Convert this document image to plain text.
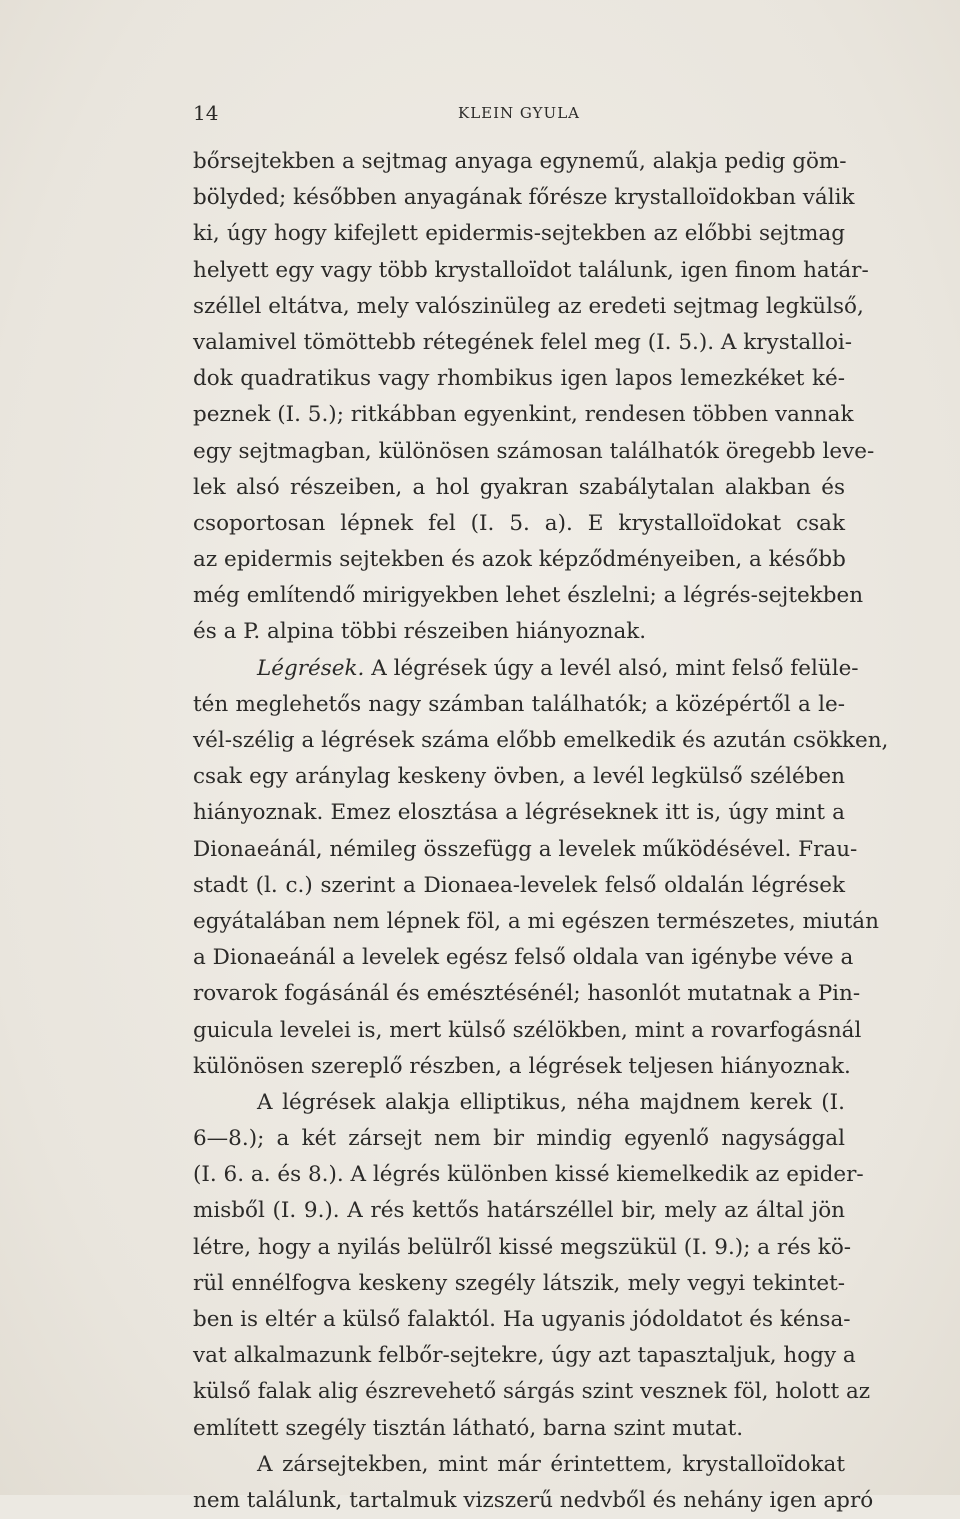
14	KLEIN GYULA
bőrsejtekben a sejtmag anyaga egynemű, alakja pedig göm-
bölyded; későbben anyagának főrésze krystalloïdokban válik
ki, úgy hogy kifejlett epidermis-sejtekben az előbbi sejtmag
helyett egy vagy több krystalloïdot találunk, igen finom határ-
széllel eltátva, mely valószinüleg az eredeti sejtmag legkülső,
valamivel tömöttebb rétegének felel meg (I. 5.). A krystalloi-
dok quadratikus vagy rhombikus igen lapos lemezkéket ké-
peznek (I. 5.); ritkábban egyenkint, rendesen többen vannak
egy sejtmagban, különösen számosan találhatók öregebb leve-
lek alsó részeiben, a hol gyakran szabálytalan alakban és
csoportosan lépnek fel (I. 5. a). E krystalloïdokat csak
az epidermis sejtekben és azok képződményeiben, a később
még említendő mirigyekben lehet észlelni; a légrés-sejtekben
és a P. alpina többi részeiben hiányoznak.
Légrések. A légrések úgy a levél alsó, mint felső felüle-
tén meglehetős nagy számban találhatók; a középértől a le-
vél-szélig a légrések száma előbb emelkedik és azután csökken,
csak egy aránylag keskeny övben, a levél legkülső szélében
hiányoznak. Emez elosztása a légréseknek itt is, úgy mint a
Dionaeánál, némileg összefügg a levelek működésével. Frau-
stadt (l. c.) szerint a Dionaea-levelek felső oldalán légrések
egyátalában nem lépnek föl, a mi egészen természetes, miután
a Dionaeánál a levelek egész felső oldala van igénybe véve a
rovarok fogásánál és emésztésénél; hasonlót mutatnak a Pin-
guicula levelei is, mert külső szélökben, mint a rovarfogásnál
különösen szereplő részben, a légrések teljesen hiányoznak.
A légrések alakja elliptikus, néha majdnem kerek (I.
6—8.); a két zársejt nem bir mindig egyenlő nagysággal
(I. 6. a. és 8.). A légrés különben kissé kiemelkedik az epider-
misből (I. 9.). A rés kettős határszéllel bir, mely az által jön
létre, hogy a nyilás belülről kissé megszükül (I. 9.); a rés kö-
rül ennélfogva keskeny szegély látszik, mely vegyi tekintet-
ben is eltér a külső falaktól. Ha ugyanis jódoldatot és kénsa-
vat alkalmazunk felbőr-sejtekre, úgy azt tapasztaljuk, hogy a
külső falak alig észrevehető sárgás szint vesznek föl, holott az
említett szegély tisztán látható, barna szint mutat.
A zársejtekben, mint már érintettem, krystalloïdokat
nem találunk, tartalmuk vizszerű nedvből és nehány igen apró
